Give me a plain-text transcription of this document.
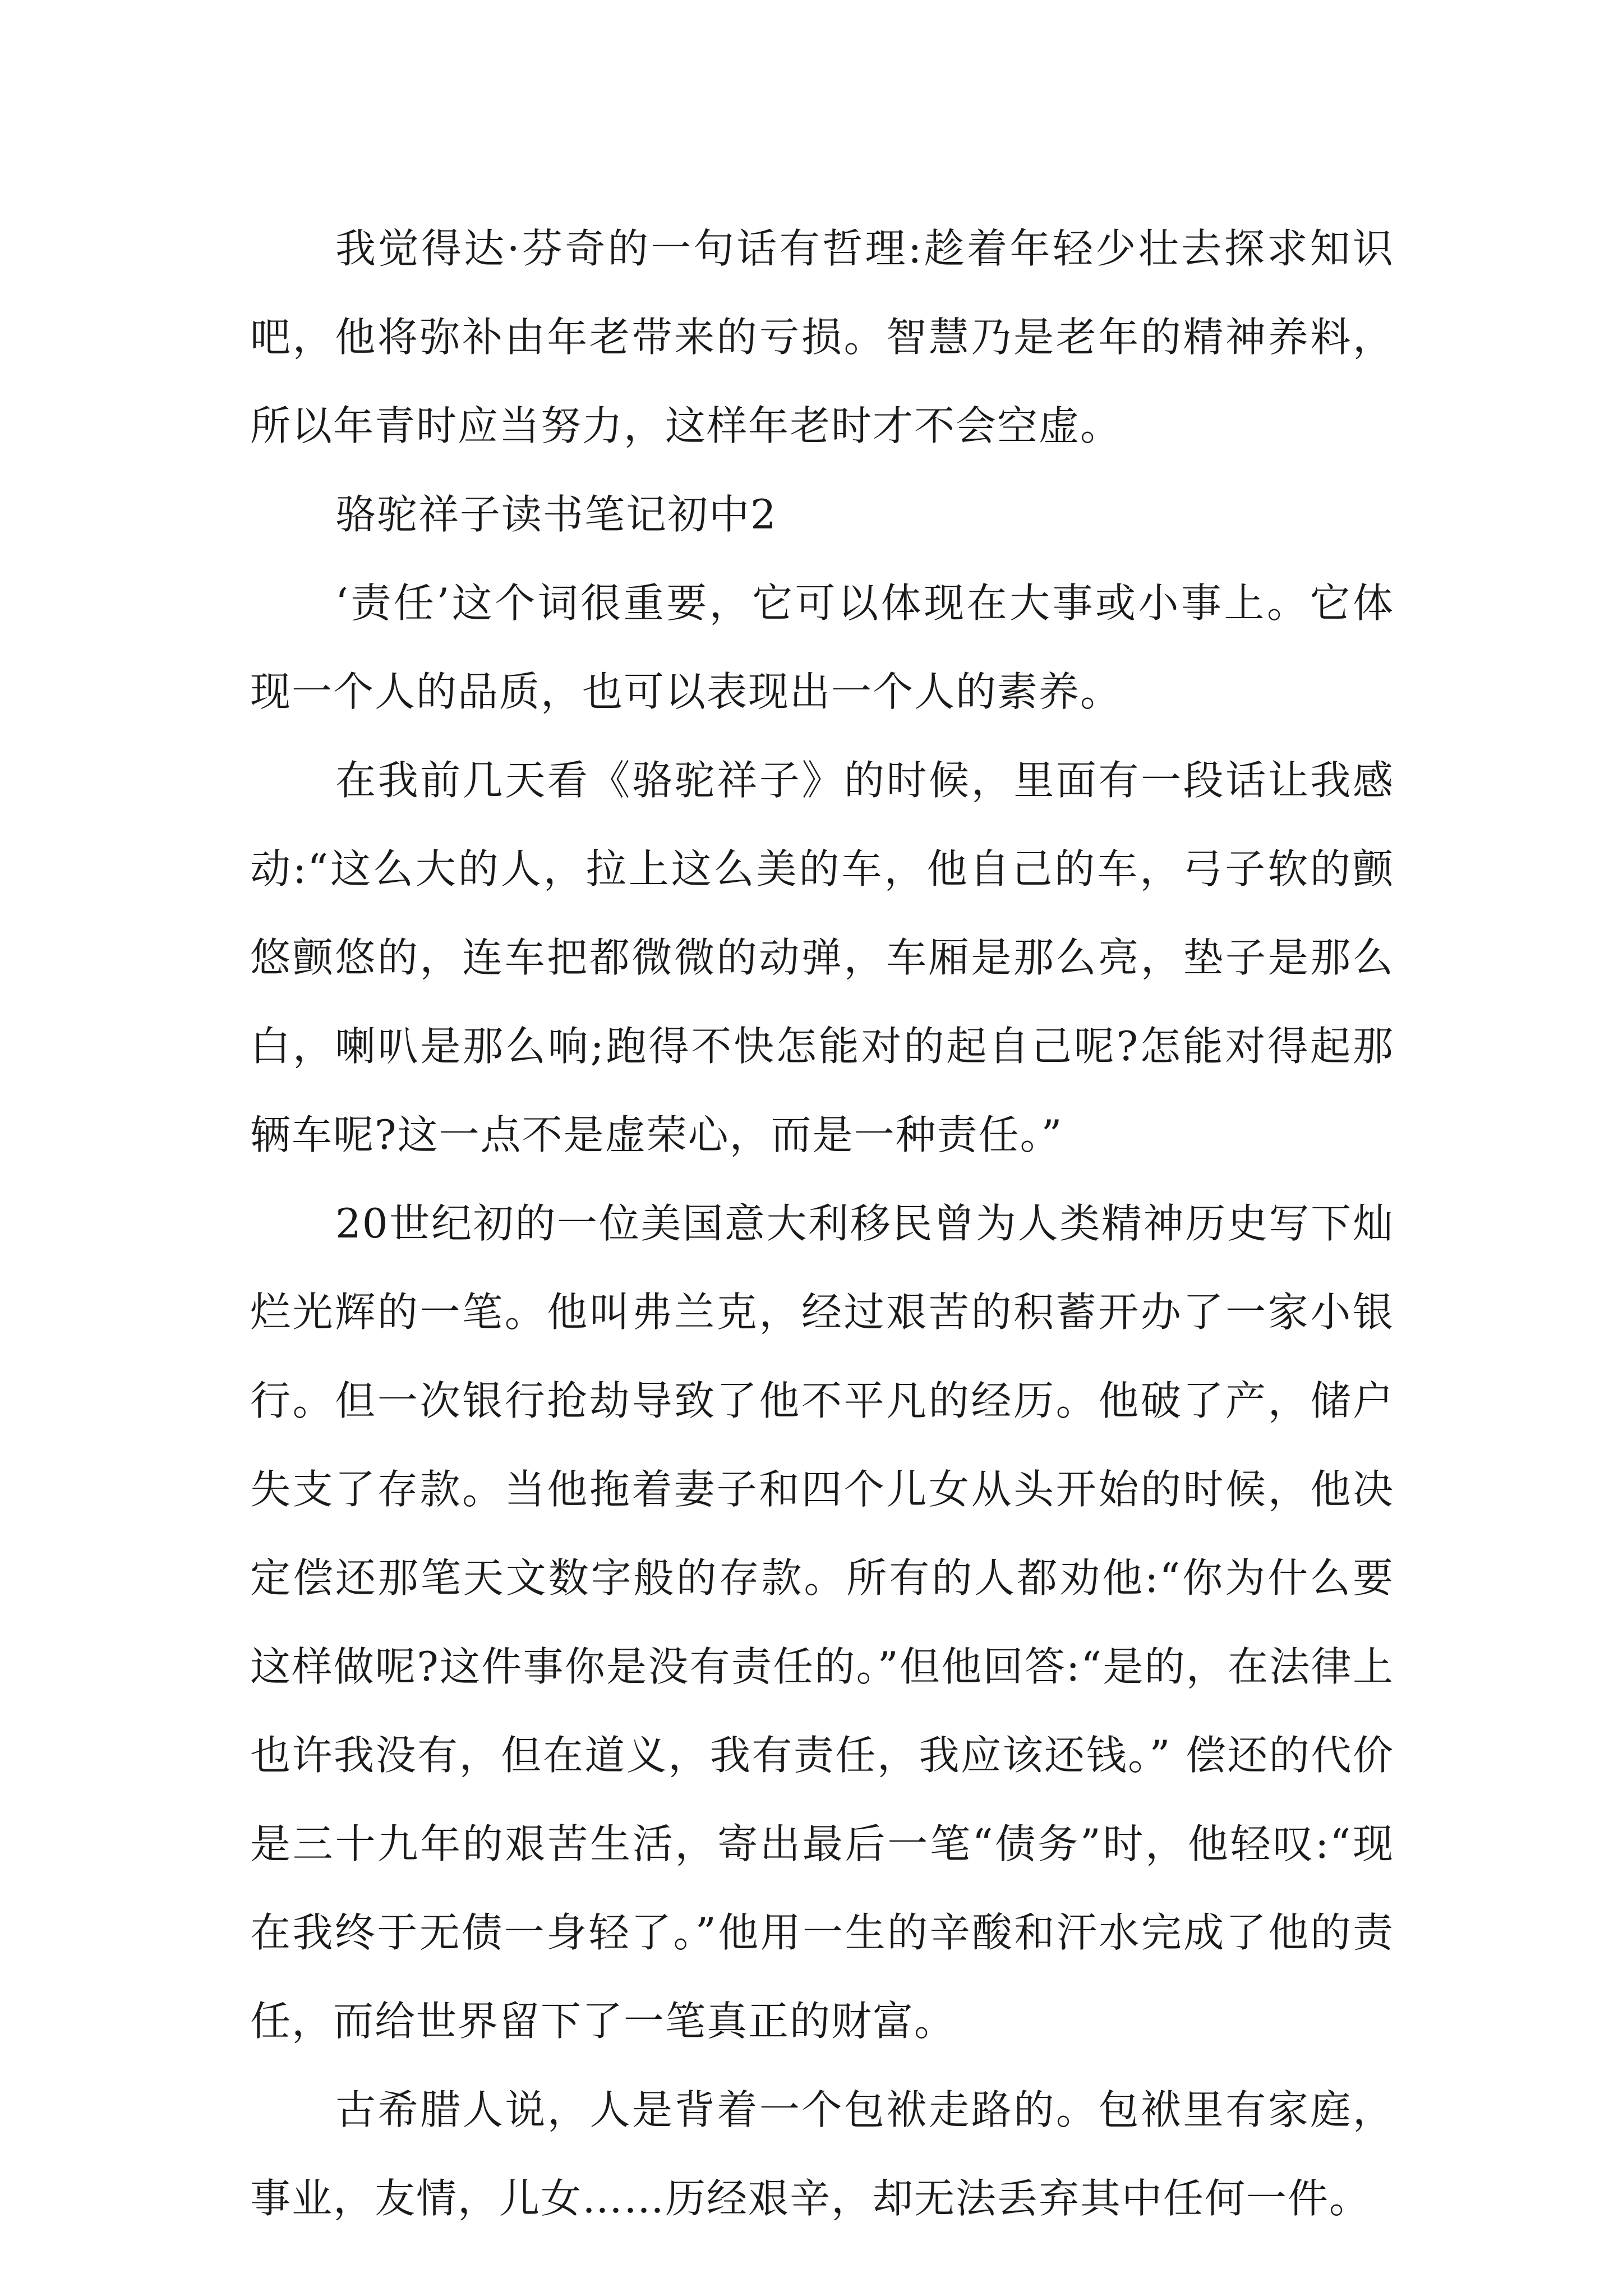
我觉得达·芬奇的一句话有哲理:趁着年轻少壮去探求知识吧，他将弥补由年老带来的亏损。智慧乃是老年的精神养料，所以年青时应当努力，这样年老时才不会空虚。

骆驼祥子读书笔记初中2

‘责任’这个词很重要，它可以体现在大事或小事上。它体现一个人的品质，也可以表现出一个人的素养。

在我前几天看《骆驼祥子》的时候，里面有一段话让我感动:“这么大的人，拉上这么美的车，他自己的车，弓子软的颤悠颤悠的，连车把都微微的动弹，车厢是那么亮，垫子是那么白，喇叭是那么响;跑得不快怎能对的起自己呢?怎能对得起那辆车呢?这一点不是虚荣心，而是一种责任。”

20世纪初的一位美国意大利移民曾为人类精神历史写下灿烂光辉的一笔。他叫弗兰克，经过艰苦的积蓄开办了一家小银行。但一次银行抢劫导致了他不平凡的经历。他破了产，储户失支了存款。当他拖着妻子和四个儿女从头开始的时候，他决定偿还那笔天文数字般的存款。所有的人都劝他:“你为什么要这样做呢?这件事你是没有责任的。”但他回答:“是的，在法律上也许我没有，但在道义，我有责任，我应该还钱。” 偿还的代价是三十九年的艰苦生活，寄出最后一笔“债务”时，他轻叹:“现在我终于无债一身轻了。”他用一生的辛酸和汗水完成了他的责任，而给世界留下了一笔真正的财富。

古希腊人说，人是背着一个包袱走路的。包袱里有家庭，事业，友情，儿女……历经艰辛，却无法丢弃其中任何一件。
